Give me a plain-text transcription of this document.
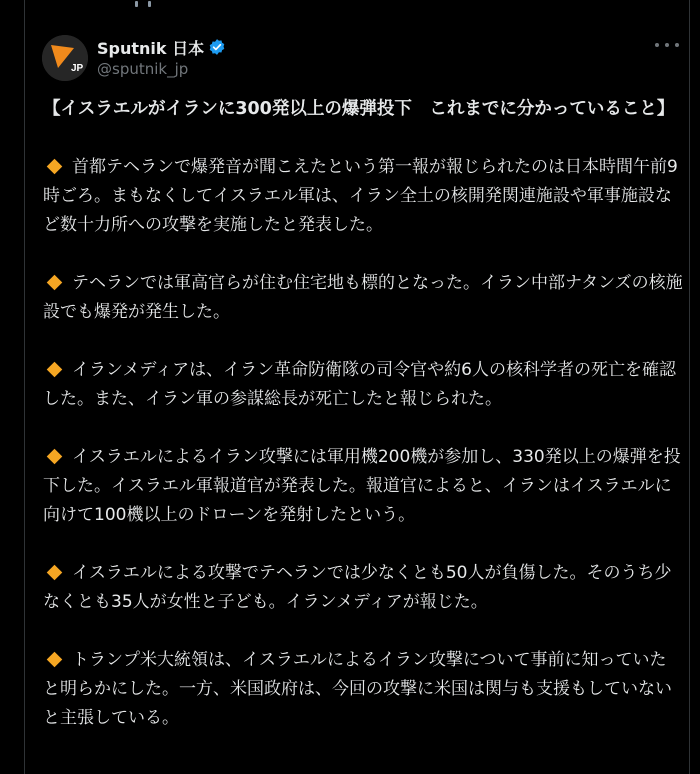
JP
Sputnik 日本
@sputnik_jp

【イスラエルがイランに300発以上の爆弾投下　これまでに分かっていること】

首都テヘランで爆発音が聞こえたという第一報が報じられたのは日本時間午前9時ごろ。まもなくしてイスラエル軍は、イラン全土の核開発関連施設や軍事施設など数十力所への攻撃を実施したと発表した。

テヘランでは軍高官らが住む住宅地も標的となった。イラン中部ナタンズの核施設でも爆発が発生した。

イランメディアは、イラン革命防衛隊の司令官や約6人の核科学者の死亡を確認した。また、イラン軍の参謀総長が死亡したと報じられた。

イスラエルによるイラン攻撃には軍用機200機が参加し、330発以上の爆弾を投下した。イスラエル軍報道官が発表した。報道官によると、イランはイスラエルに向けて100機以上のドローンを発射したという。

イスラエルによる攻撃でテヘランでは少なくとも50人が負傷した。そのうち少なくとも35人が女性と子ども。イランメディアが報じた。

トランプ米大統領は、イスラエルによるイラン攻撃について事前に知っていたと明らかにした。一方、米国政府は、今回の攻撃に米国は関与も支援もしていないと主張している。
